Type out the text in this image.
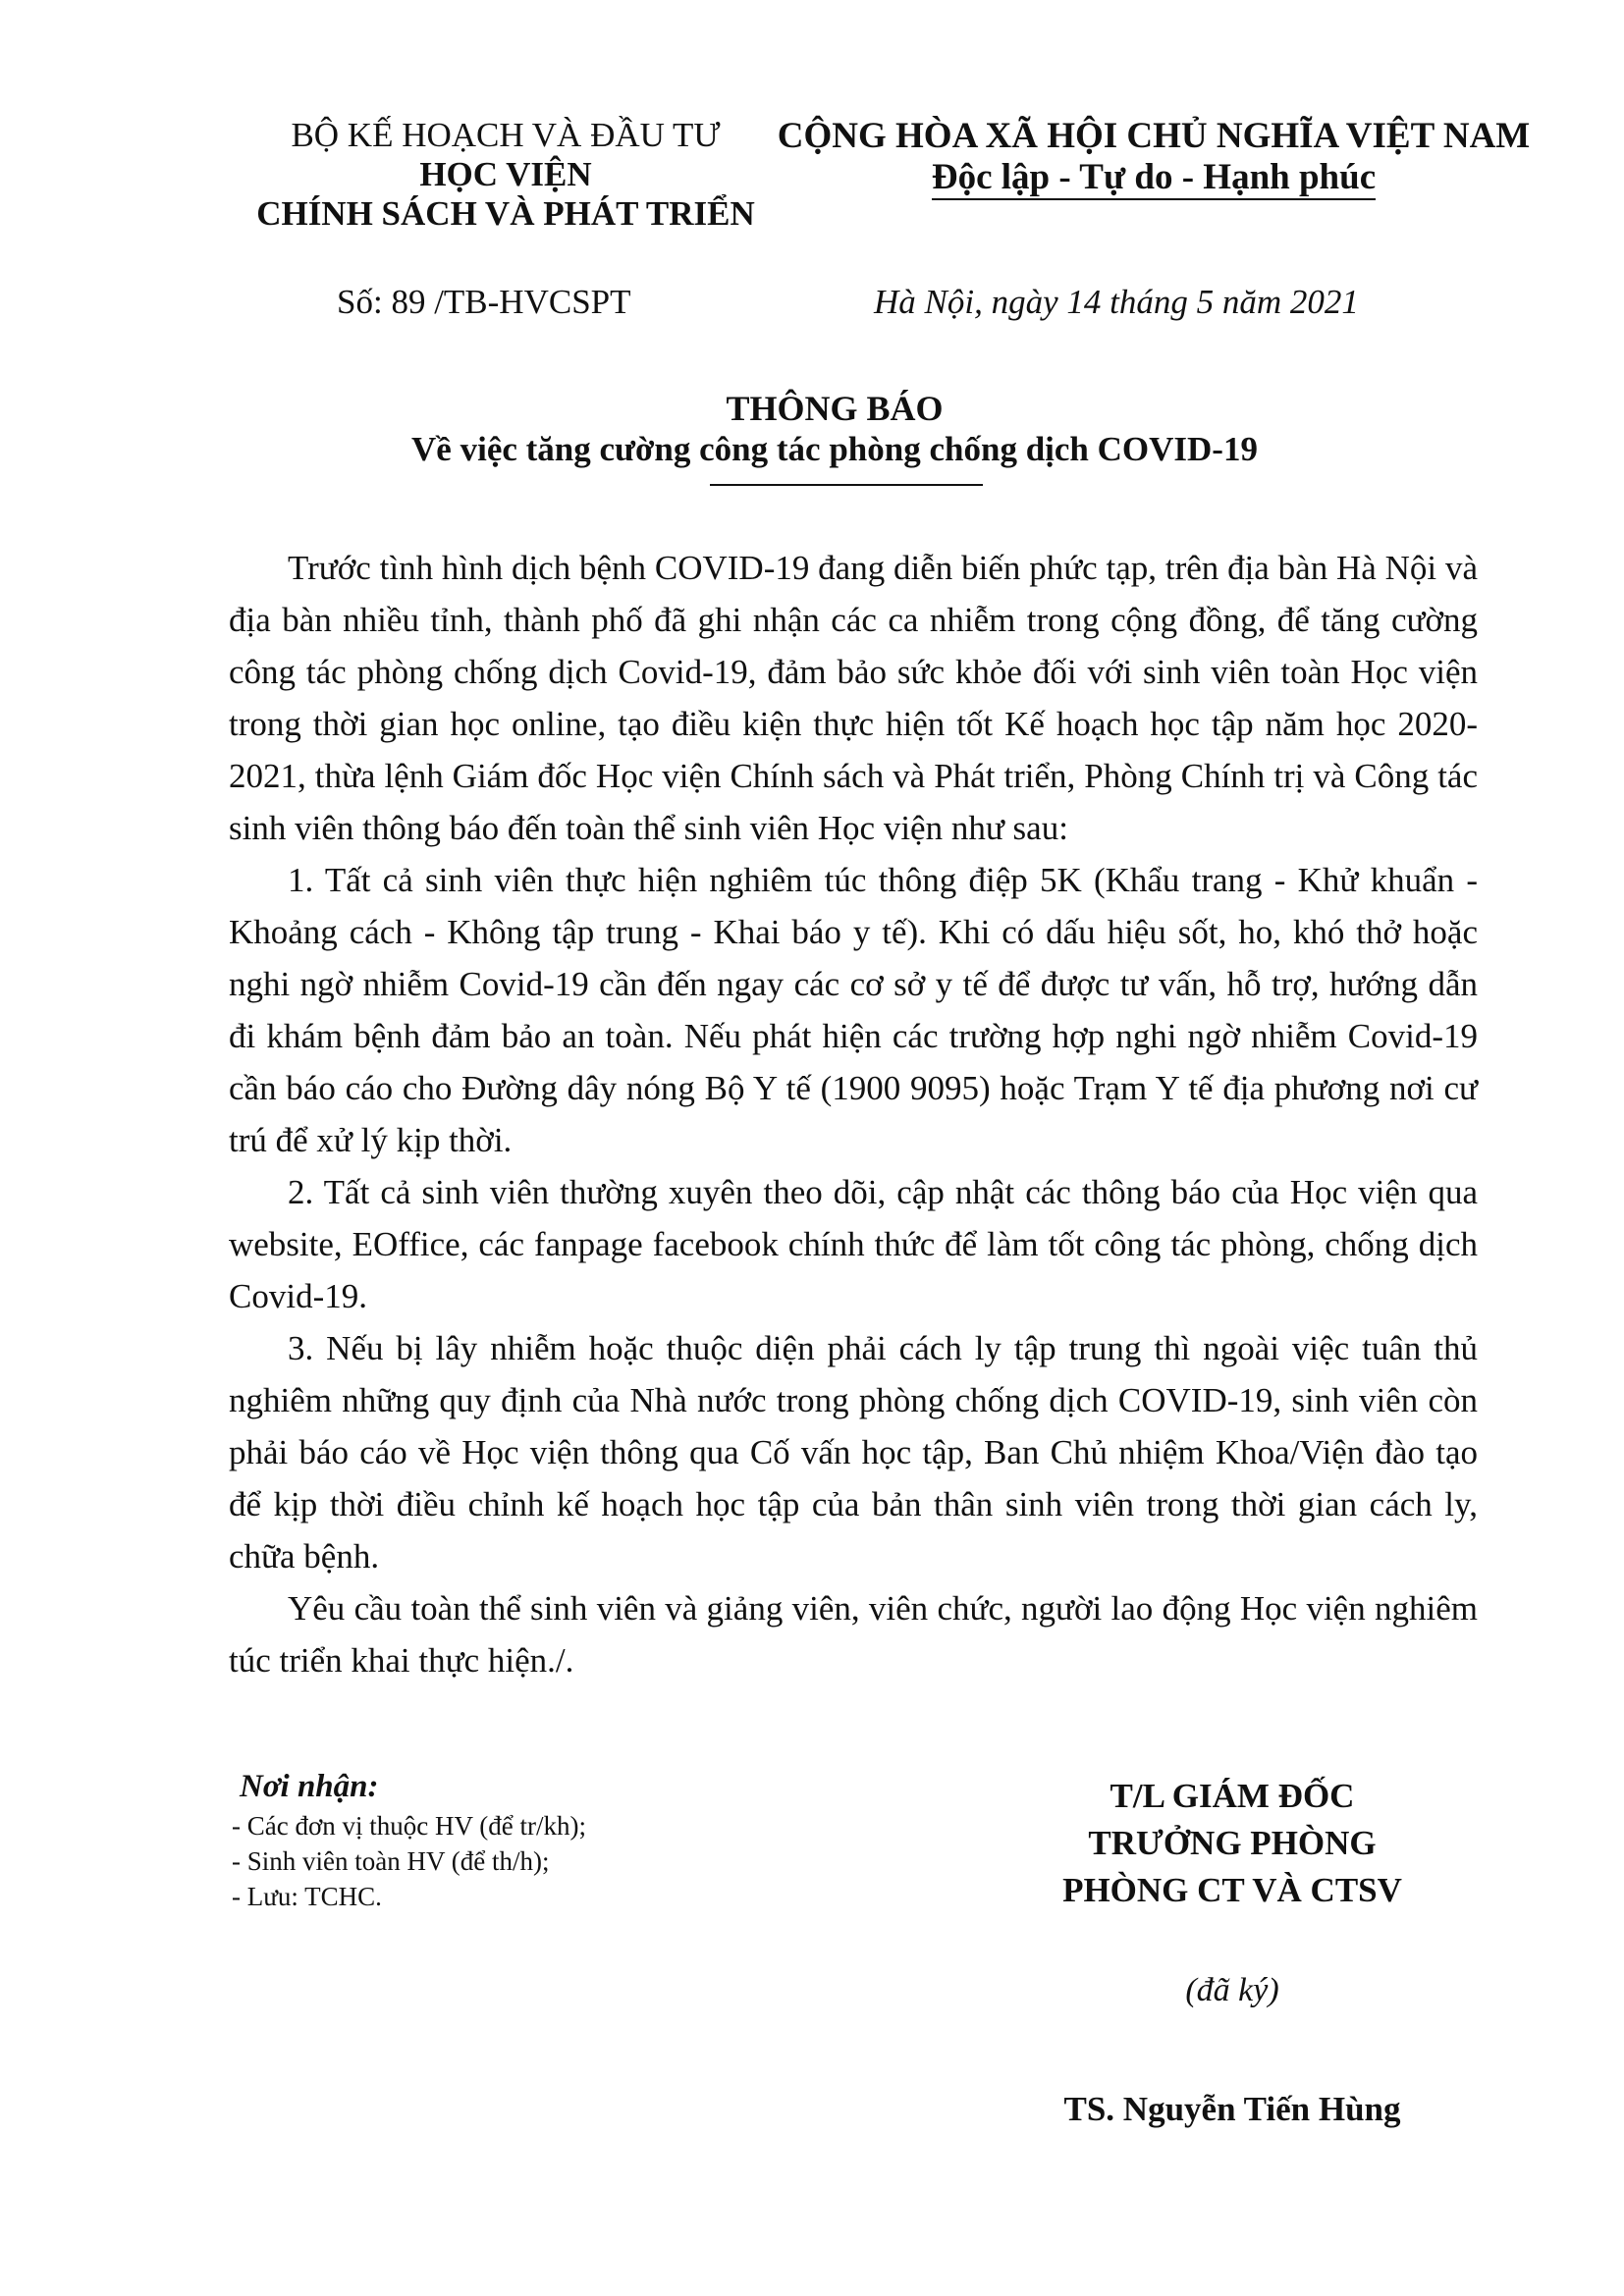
BỘ KẾ HOẠCH VÀ ĐẦU TƯ
HỌC VIỆN
CHÍNH SÁCH VÀ PHÁT TRIỂN
CỘNG HÒA XÃ HỘI CHỦ NGHĨA VIỆT NAM
Độc lập - Tự do - Hạnh phúc
Số: 89 /TB-HVCSPT	Hà Nội, ngày 14 tháng 5 năm 2021
THÔNG BÁO
Về việc tăng cường công tác phòng chống dịch COVID-19

Trước tình hình dịch bệnh COVID-19 đang diễn biến phức tạp, trên địa bàn Hà Nội và địa bàn nhiều tỉnh, thành phố đã ghi nhận các ca nhiễm trong cộng đồng, để tăng cường công tác phòng chống dịch Covid-19, đảm bảo sức khỏe đối với sinh viên toàn Học viện trong thời gian học online, tạo điều kiện thực hiện tốt Kế hoạch học tập năm học 2020-2021, thừa lệnh Giám đốc Học viện Chính sách và Phát triển, Phòng Chính trị và Công tác sinh viên thông báo đến toàn thể sinh viên Học viện như sau:

1. Tất cả sinh viên thực hiện nghiêm túc thông điệp 5K (Khẩu trang - Khử khuẩn - Khoảng cách - Không tập trung - Khai báo y tế). Khi có dấu hiệu sốt, ho, khó thở hoặc nghi ngờ nhiễm Covid-19 cần đến ngay các cơ sở y tế để được tư vấn, hỗ trợ, hướng dẫn đi khám bệnh đảm bảo an toàn. Nếu phát hiện các trường hợp nghi ngờ nhiễm Covid-19 cần báo cáo cho Đường dây nóng Bộ Y tế (1900 9095) hoặc Trạm Y tế địa phương nơi cư trú để xử lý kịp thời.

2. Tất cả sinh viên thường xuyên theo dõi, cập nhật các thông báo của Học viện qua website, EOffice, các fanpage facebook chính thức để làm tốt công tác phòng, chống dịch Covid-19.

3. Nếu bị lây nhiễm hoặc thuộc diện phải cách ly tập trung thì ngoài việc tuân thủ nghiêm những quy định của Nhà nước trong phòng chống dịch COVID-19, sinh viên còn phải báo cáo về Học viện thông qua Cố vấn học tập, Ban Chủ nhiệm Khoa/Viện đào tạo để kịp thời điều chỉnh kế hoạch học tập của bản thân sinh viên trong thời gian cách ly, chữa bệnh.

Yêu cầu toàn thể sinh viên và giảng viên, viên chức, người lao động Học viện nghiêm túc triển khai thực hiện./.

Nơi nhận:
- Các đơn vị thuộc HV (để tr/kh);
- Sinh viên toàn HV (để th/h);
- Lưu: TCHC.
T/L GIÁM ĐỐC
TRƯỞNG PHÒNG
PHÒNG CT VÀ CTSV
(đã ký)
TS. Nguyễn Tiến Hùng
